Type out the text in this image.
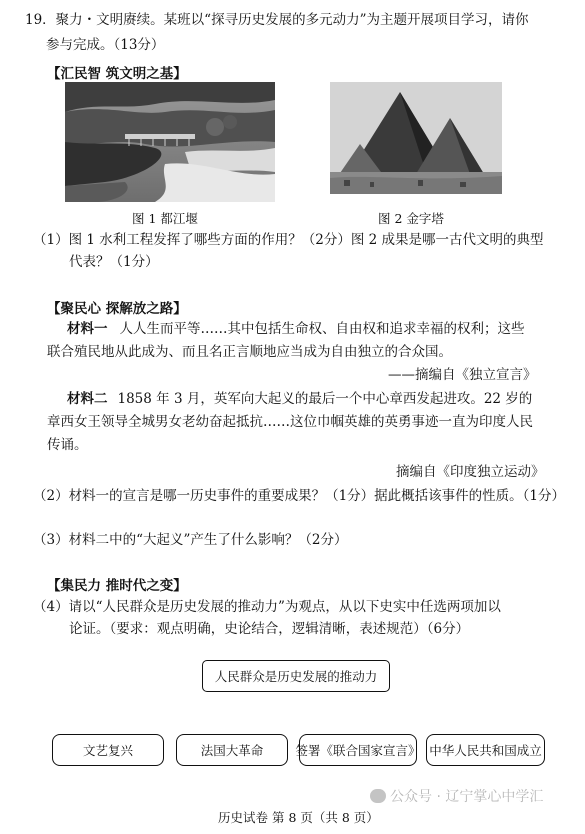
19．聚力・文明赓续。某班以“探寻历史发展的多元动力”为主题开展项目学习，请你
参与完成。（13分）
【汇民智 筑文明之基】
图 1 都江堰	图 2 金字塔
（1）图 1 水利工程发挥了哪些方面的作用？（2分）图 2 成果是哪一古代文明的典型
代表？（1分）
【聚民心 探解放之路】
材料一 人人生而平等……其中包括生命权、自由权和追求幸福的权利；这些
联合殖民地从此成为、而且名正言顺地应当成为自由独立的合众国。
——摘编自《独立宣言》
材料二 1858 年 3 月，英军向大起义的最后一个中心章西发起进攻。22 岁的
章西女王领导全城男女老幼奋起抵抗……这位巾帼英雄的英勇事迹一直为印度人民
传诵。
摘编自《印度独立运动》
（2）材料一的宣言是哪一历史事件的重要成果？（1分）据此概括该事件的性质。（1分）
（3）材料二中的“大起义”产生了什么影响？（2分）
【集民力 推时代之变】
（4）请以“人民群众是历史发展的推动力”为观点，从以下史实中任选两项加以
论证。（要求：观点明确，史论结合，逻辑清晰，表述规范）（6分）
人民群众是历史发展的推动力
文艺复兴	法国大革命	签署《联合国家宣言》 中华人民共和国成立
公众号 · 辽宁掌心中学汇
历史试卷 第 8 页（共 8 页）
